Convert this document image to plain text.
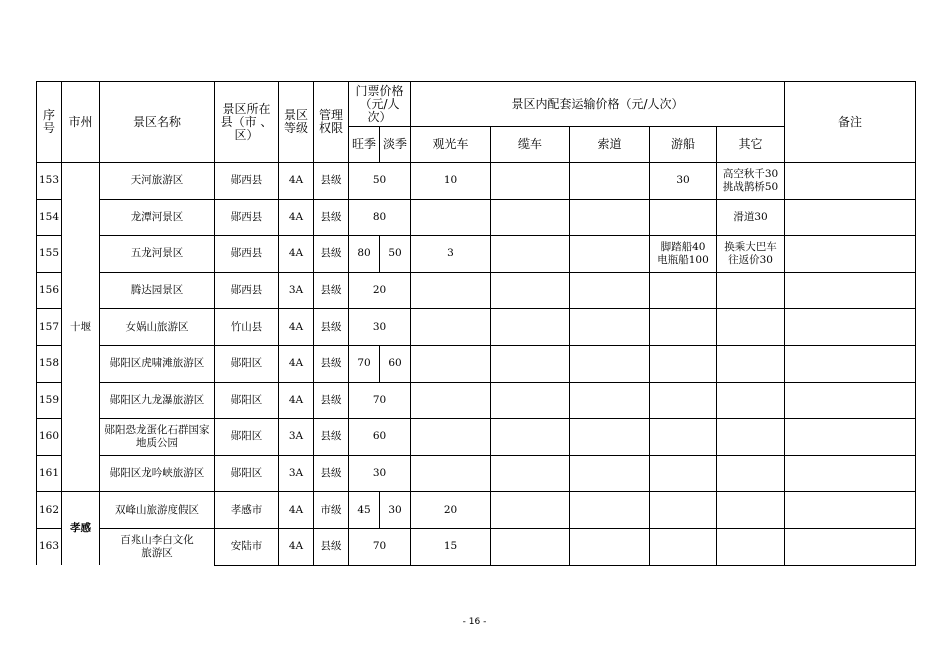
序号	市州	景区名称	景区所在县（市 、区）	景区等级	管理权限	门票价格（元/人次）		景区内配套运输价格（元/人次）					备注
						旺季	淡季	观光车	缆车	索道	游船	其它	
153	十堰	天河旅游区	郧西县	4A	县级	50		10			30	高空秋千30
挑战鹊桥50	
154		龙潭河景区	郧西县	4A	县级	80						滑道30	
155		五龙河景区	郧西县	4A	县级	80	50	3			脚踏船40
电瓶船100	换乘大巴车
往返价30	
156		腾达园景区	郧西县	3A	县级	20							
157		女娲山旅游区	竹山县	4A	县级	30							
158		郧阳区虎啸滩旅游区	郧阳区	4A	县级	70	60						
159		郧阳区九龙瀑旅游区	郧阳区	4A	县级	70							
160		郧阳恐龙蛋化石群国家
地质公园	郧阳区	3A	县级	60							
161		郧阳区龙吟峡旅游区	郧阳区	3A	县级	30							
162	孝感	双峰山旅游度假区	孝感市	4A	市级	45	30	20					
163		百兆山李白文化
旅游区	安陆市	4A	县级	70		15					
- 16 -
